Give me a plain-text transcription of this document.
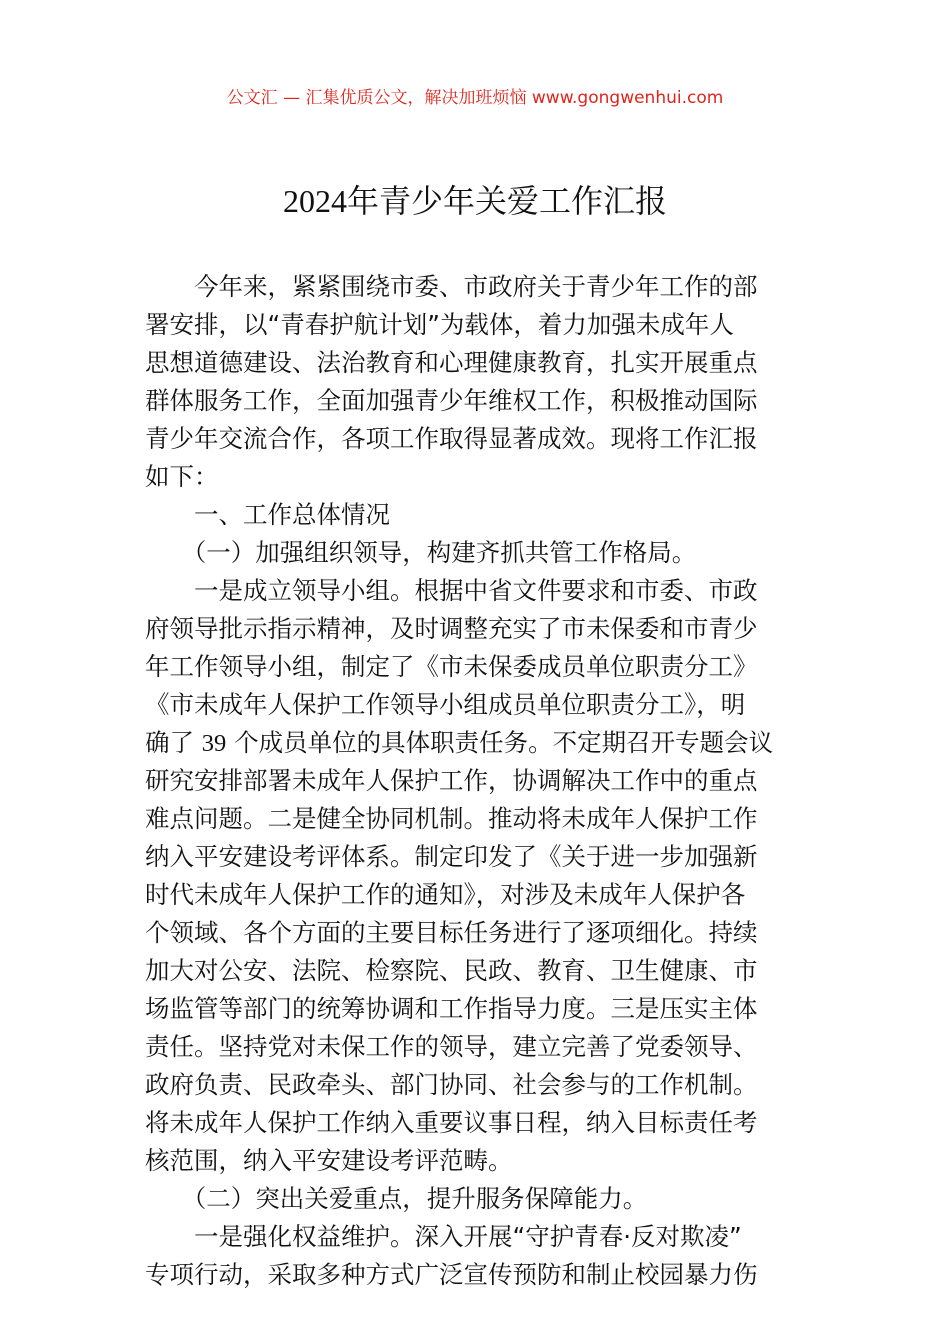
公文汇 — 汇集优质公文，解决加班烦恼 www.gongwenhui.com
2024年青少年关爱工作汇报
　　今年来，紧紧围绕市委、市政府关于青少年工作的部
署安排，以“青春护航计划”为载体，着力加强未成年人
思想道德建设、法治教育和心理健康教育，扎实开展重点
群体服务工作，全面加强青少年维权工作，积极推动国际
青少年交流合作，各项工作取得显著成效。现将工作汇报
如下：
　　一、工作总体情况
　　（一）加强组织领导，构建齐抓共管工作格局。
　　一是成立领导小组。根据中省文件要求和市委、市政
府领导批示指示精神，及时调整充实了市未保委和市青少
年工作领导小组，制定了《市未保委成员单位职责分工》
《市未成年人保护工作领导小组成员单位职责分工》，明
确了 39 个成员单位的具体职责任务。不定期召开专题会议
研究安排部署未成年人保护工作，协调解决工作中的重点
难点问题。二是健全协同机制。推动将未成年人保护工作
纳入平安建设考评体系。制定印发了《关于进一步加强新
时代未成年人保护工作的通知》，对涉及未成年人保护各
个领域、各个方面的主要目标任务进行了逐项细化。持续
加大对公安、法院、检察院、民政、教育、卫生健康、市
场监管等部门的统筹协调和工作指导力度。三是压实主体
责任。坚持党对未保工作的领导，建立完善了党委领导、
政府负责、民政牵头、部门协同、社会参与的工作机制。
将未成年人保护工作纳入重要议事日程，纳入目标责任考
核范围，纳入平安建设考评范畴。
　　（二）突出关爱重点，提升服务保障能力。
　　一是强化权益维护。深入开展“守护青春·反对欺凌”
专项行动，采取多种方式广泛宣传预防和制止校园暴力伤
